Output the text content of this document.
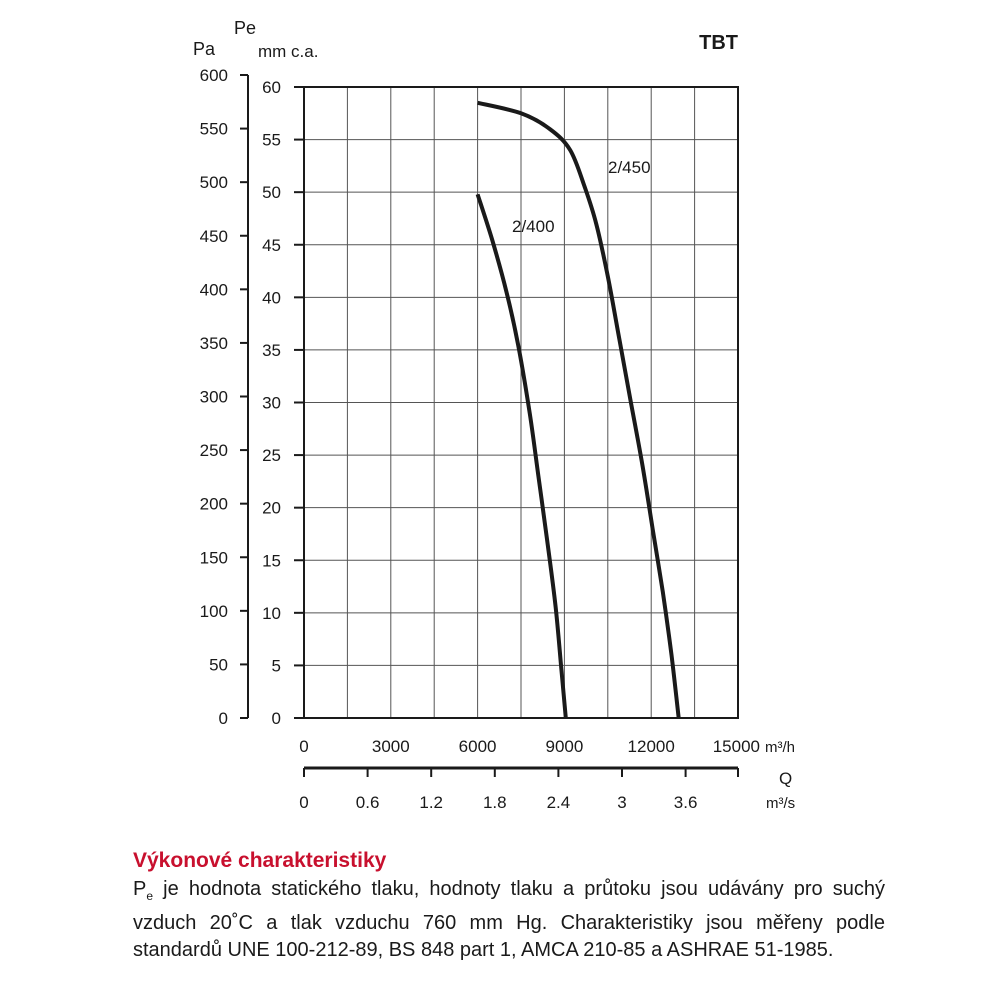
600
550
500
450
400
350
300
250
200
150
100
50
0
60
55
50
45
40
35
30
25
20
15
10
5
0
Pa
Pe
mm c.a.	TBT
0	3000	6000	9000	12000 15000 m³/h
0	0.6 1.2 1.8 2.4	3	3.6
Q
m³/s
2/450
2/400
Výkonové charakteristiky
$P_e$ je hodnota statického tlaku, hodnoty tlaku a průtoku jsou udávány pro suchý vzduch 20˚C a tlak vzduchu 760 mm Hg. Charakteristiky jsou měřeny podle standardů UNE 100-212-89, BS 848 part 1, AMCA 210-85 a ASHRAE 51-1985.
